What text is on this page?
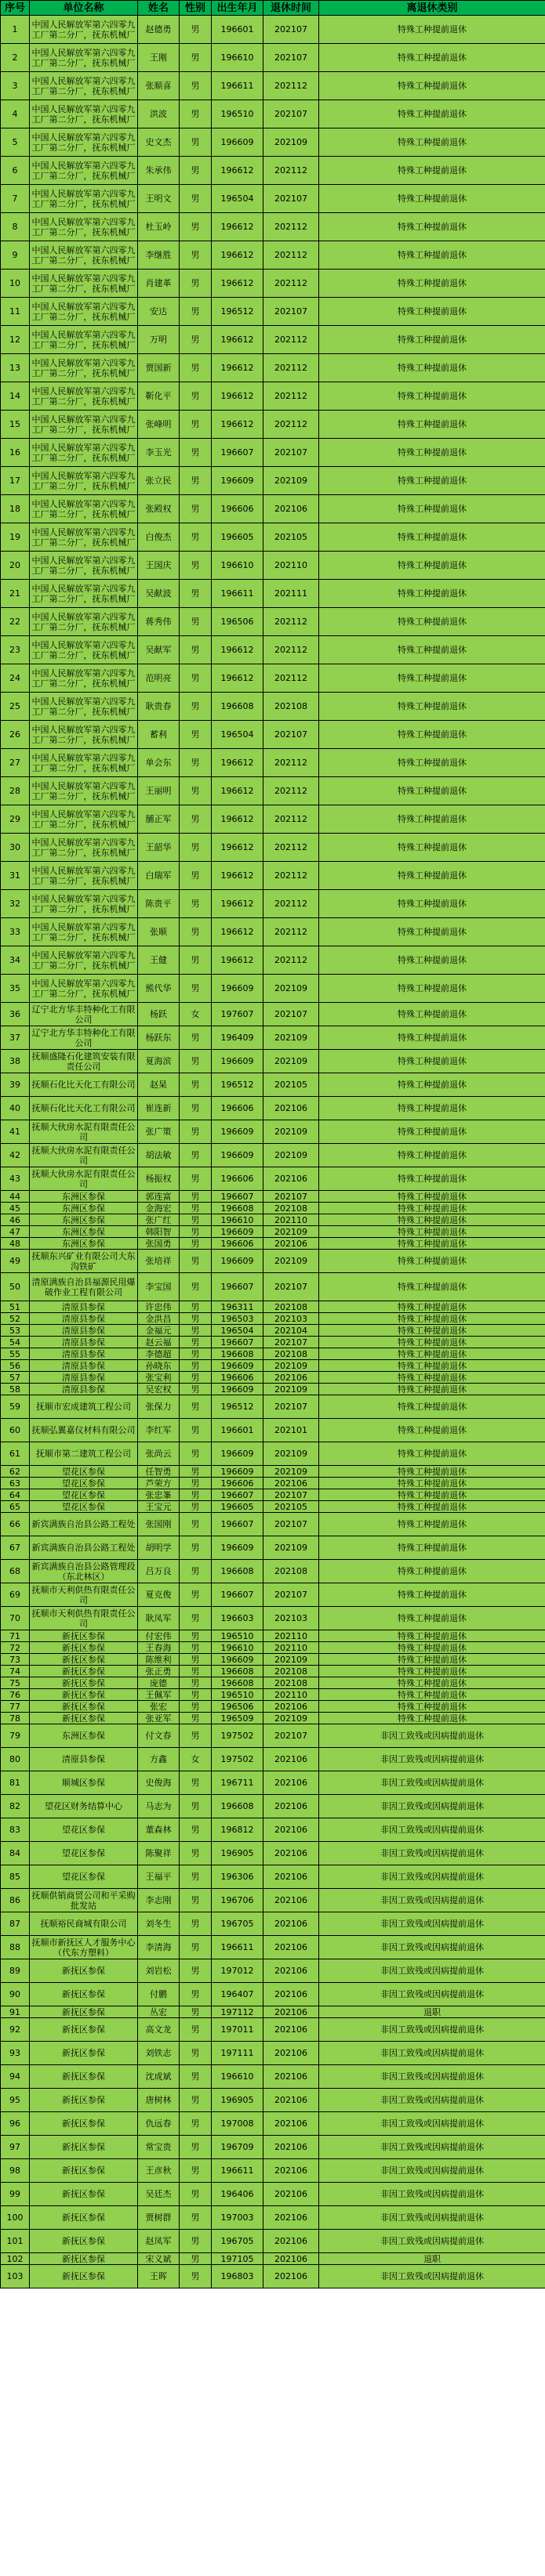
序号	单位名称	姓名	性别	出生年月	退休时间	离退休类别
1	中国人民解放军第六四零九工厂第二分厂，抚东机械厂	赵德勇	男	196601	202107	特殊工种提前退休
2	中国人民解放军第六四零九工厂第二分厂，抚东机械厂	王刚	男	196610	202107	特殊工种提前退休
3	中国人民解放军第六四零九工厂第二分厂，抚东机械厂	张顺喜	男	196611	202112	特殊工种提前退休
4	中国人民解放军第六四零九工厂第二分厂，抚东机械厂	洪波	男	196510	202107	特殊工种提前退休
5	中国人民解放军第六四零九工厂第二分厂，抚东机械厂	史文杰	男	196609	202109	特殊工种提前退休
6	中国人民解放军第六四零九工厂第二分厂，抚东机械厂	朱承伟	男	196612	202112	特殊工种提前退休
7	中国人民解放军第六四零九工厂第二分厂，抚东机械厂	王明文	男	196504	202107	特殊工种提前退休
8	中国人民解放军第六四零九工厂第二分厂，抚东机械厂	杜玉岭	男	196612	202112	特殊工种提前退休
9	中国人民解放军第六四零九工厂第二分厂，抚东机械厂	李继胜	男	196612	202112	特殊工种提前退休
10	中国人民解放军第六四零九工厂第二分厂，抚东机械厂	肖建革	男	196612	202112	特殊工种提前退休
11	中国人民解放军第六四零九工厂第二分厂，抚东机械厂	安达	男	196512	202107	特殊工种提前退休
12	中国人民解放军第六四零九工厂第二分厂，抚东机械厂	万明	男	196612	202112	特殊工种提前退休
13	中国人民解放军第六四零九工厂第二分厂，抚东机械厂	贾国新	男	196612	202112	特殊工种提前退休
14	中国人民解放军第六四零九工厂第二分厂，抚东机械厂	靳化平	男	196612	202112	特殊工种提前退休
15	中国人民解放军第六四零九工厂第二分厂，抚东机械厂	张峰明	男	196612	202112	特殊工种提前退休
16	中国人民解放军第六四零九工厂第二分厂，抚东机械厂	李玉光	男	196607	202107	特殊工种提前退休
17	中国人民解放军第六四零九工厂第二分厂，抚东机械厂	张立民	男	196609	202109	特殊工种提前退休
18	中国人民解放军第六四零九工厂第二分厂，抚东机械厂	张殿权	男	196606	202106	特殊工种提前退休
19	中国人民解放军第六四零九工厂第二分厂，抚东机械厂	白俊杰	男	196605	202105	特殊工种提前退休
20	中国人民解放军第六四零九工厂第二分厂，抚东机械厂	王国庆	男	196610	202110	特殊工种提前退休
21	中国人民解放军第六四零九工厂第二分厂，抚东机械厂	吴献波	男	196611	202111	特殊工种提前退休
22	中国人民解放军第六四零九工厂第二分厂，抚东机械厂	蒋秀伟	男	196506	202112	特殊工种提前退休
23	中国人民解放军第六四零九工厂第二分厂，抚东机械厂	吴献军	男	196612	202112	特殊工种提前退休
24	中国人民解放军第六四零九工厂第二分厂，抚东机械厂	范明亮	男	196612	202112	特殊工种提前退休
25	中国人民解放军第六四零九工厂第二分厂，抚东机械厂	耿贵春	男	196608	202108	特殊工种提前退休
26	中国人民解放军第六四零九工厂第二分厂，抚东机械厂	蓄利	男	196504	202107	特殊工种提前退休
27	中国人民解放军第六四零九工厂第二分厂，抚东机械厂	单会东	男	196612	202112	特殊工种提前退休
28	中国人民解放军第六四零九工厂第二分厂，抚东机械厂	王丽明	男	196612	202112	特殊工种提前退休
29	中国人民解放军第六四零九工厂第二分厂，抚东机械厂	脯正军	男	196612	202112	特殊工种提前退休
30	中国人民解放军第六四零九工厂第二分厂，抚东机械厂	王韶华	男	196612	202112	特殊工种提前退休
31	中国人民解放军第六四零九工厂第二分厂，抚东机械厂	白瑞军	男	196612	202112	特殊工种提前退休
32	中国人民解放军第六四零九工厂第二分厂，抚东机械厂	陈贵平	男	196612	202112	特殊工种提前退休
33	中国人民解放军第六四零九工厂第二分厂，抚东机械厂	张顺	男	196612	202112	特殊工种提前退休
34	中国人民解放军第六四零九工厂第二分厂，抚东机械厂	王健	男	196612	202112	特殊工种提前退休
35	中国人民解放军第六四零九工厂第二分厂，抚东机械厂	熊代华	男	196609	202109	特殊工种提前退休
36	辽宁北方华丰特种化工有限公司	杨跃	女	197607	202107	特殊工种提前退休
37	辽宁北方华丰特种化工有限公司	杨跃东	男	196409	202109	特殊工种提前退休
38	抚顺盛隆石化建筑安装有限责任公司	夏海滨	男	196609	202109	特殊工种提前退休
39	抚顺石化比天化工有限公司	赵杲	男	196512	202105	特殊工种提前退休
40	抚顺石化比天化工有限公司	崔连新	男	196606	202106	特殊工种提前退休
41	抚顺大伙房水泥有限责任公司	张广策	男	196609	202109	特殊工种提前退休
42	抚顺大伙房水泥有限责任公司	胡法敏	男	196609	202109	特殊工种提前退休
43	抚顺大伙房水泥有限责任公司	杨振权	男	196606	202106	特殊工种提前退休
44	东洲区参保	郭连富	男	196607	202107	特殊工种提前退休
45	东洲区参保	金海宏	男	196608	202108	特殊工种提前退休
46	东洲区参保	张广红	男	196610	202110	特殊工种提前退休
47	东洲区参保	韩阳智	男	196609	202109	特殊工种提前退休
48	东洲区参保	张国勇	男	196606	202106	特殊工种提前退休
49	抚顺东兴矿业有限公司大东沟铁矿	张培祥	男	196609	202109	特殊工种提前退休
50	清原满族自治县福源民用爆破作业工程有限公司	李宝国	男	196607	202107	特殊工种提前退休
51	清原县参保	许忠伟	男	196311	202108	特殊工种提前退休
52	清原县参保	金洪昌	男	196503	202103	特殊工种提前退休
53	清原县参保	金福元	男	196504	202104	特殊工种提前退休
54	清原县参保	赵云福	男	196607	202107	特殊工种提前退休
55	清原县参保	李德超	男	196608	202108	特殊工种提前退休
56	清原县参保	孙晓东	男	196609	202109	特殊工种提前退休
57	清原县参保	张宝利	男	196606	202106	特殊工种提前退休
58	清原县参保	吴宏权	男	196609	202109	特殊工种提前退休
59	抚顺市宏成建筑工程公司	张保力	男	196512	202107	特殊工种提前退休
60	抚顺弘翼嘉仪材料有限公司	李红军	男	196601	202101	特殊工种提前退休
61	抚顺市第二建筑工程公司	张尚云	男	196609	202109	特殊工种提前退休
62	望花区参保	任智勇	男	196609	202109	特殊工种提前退休
63	望花区参保	芦荣方	男	196606	202106	特殊工种提前退休
64	望花区参保	张忠峯	男	196607	202107	特殊工种提前退休
65	望花区参保	王宝元	男	196605	202105	特殊工种提前退休
66	新宾满族自治县公路工程处	张国刚	男	196607	202107	特殊工种提前退休
67	新宾满族自治县公路工程处	胡明学	男	196609	202109	特殊工种提前退休
68	新宾满族自治县公路管理段（东北林区）	吕万良	男	196608	202108	特殊工种提前退休
69	抚顺市天利供热有限责任公司	夏克俊	男	196607	202107	特殊工种提前退休
70	抚顺市天利供热有限责任公司	耿凤军	男	196603	202103	特殊工种提前退休
71	新抚区参保	付宏伟	男	196510	202110	特殊工种提前退休
72	新抚区参保	王春海	男	196610	202110	特殊工种提前退休
73	新抚区参保	陈维利	男	196609	202109	特殊工种提前退休
74	新抚区参保	张正勇	男	196608	202108	特殊工种提前退休
75	新抚区参保	庞德	男	196608	202108	特殊工种提前退休
76	新抚区参保	王佩军	男	196510	202110	特殊工种提前退休
77	新抚区参保	张宏	男	196506	202106	特殊工种提前退休
78	新抚区参保	张亚军	男	196509	202109	特殊工种提前退休
79	东洲区参保	付文春	男	197502	202107	非因工致残或因病提前退休
80	清原县参保	方鑫	女	197502	202106	非因工致残或因病提前退休
81	顺城区参保	史俊海	男	196711	202106	非因工致残或因病提前退休
82	望花区财务结算中心	马志为	男	196608	202106	非因工致残或因病提前退休
83	望花区参保	董森林	男	196812	202106	非因工致残或因病提前退休
84	望花区参保	陈聚祥	男	196905	202106	非因工致残或因病提前退休
85	望花区参保	王福平	男	196306	202106	非因工致残或因病提前退休
86	抚顺供销商贸公司和平采购批发站	李志刚	男	196706	202106	非因工致残或因病提前退休
87	抚顺裕民商城有限公司	刘冬生	男	196705	202106	非因工致残或因病提前退休
88	抚顺市新抚区人才服务中心（代东方塑料）	李清海	男	196611	202106	非因工致残或因病提前退休
89	新抚区参保	刘岩松	男	197012	202106	非因工致残或因病提前退休
90	新抚区参保	付鹏	男	196407	202106	非因工致残或因病提前退休
91	新抚区参保	丛宏	男	197112	202106	退职
92	新抚区参保	高文龙	男	197011	202106	非因工致残或因病提前退休
93	新抚区参保	刘铁志	男	197111	202106	非因工致残或因病提前退休
94	新抚区参保	沈成斌	男	196610	202106	非因工致残或因病提前退休
95	新抚区参保	唐树林	男	196905	202106	非因工致残或因病提前退休
96	新抚区参保	仇远春	男	197008	202106	非因工致残或因病提前退休
97	新抚区参保	常宝贵	男	196709	202106	非因工致残或因病提前退休
98	新抚区参保	王彦秋	男	196611	202106	非因工致残或因病提前退休
99	新抚区参保	吴廷杰	男	196406	202106	非因工致残或因病提前退休
100	新抚区参保	贾树群	男	197003	202106	非因工致残或因病提前退休
101	新抚区参保	赵凤军	男	196705	202106	非因工致残或因病提前退休
102	新抚区参保	宋义斌	男	197105	202106	退职
103	新抚区参保	王晖	男	196803	202106	非因工致残或因病提前退休
